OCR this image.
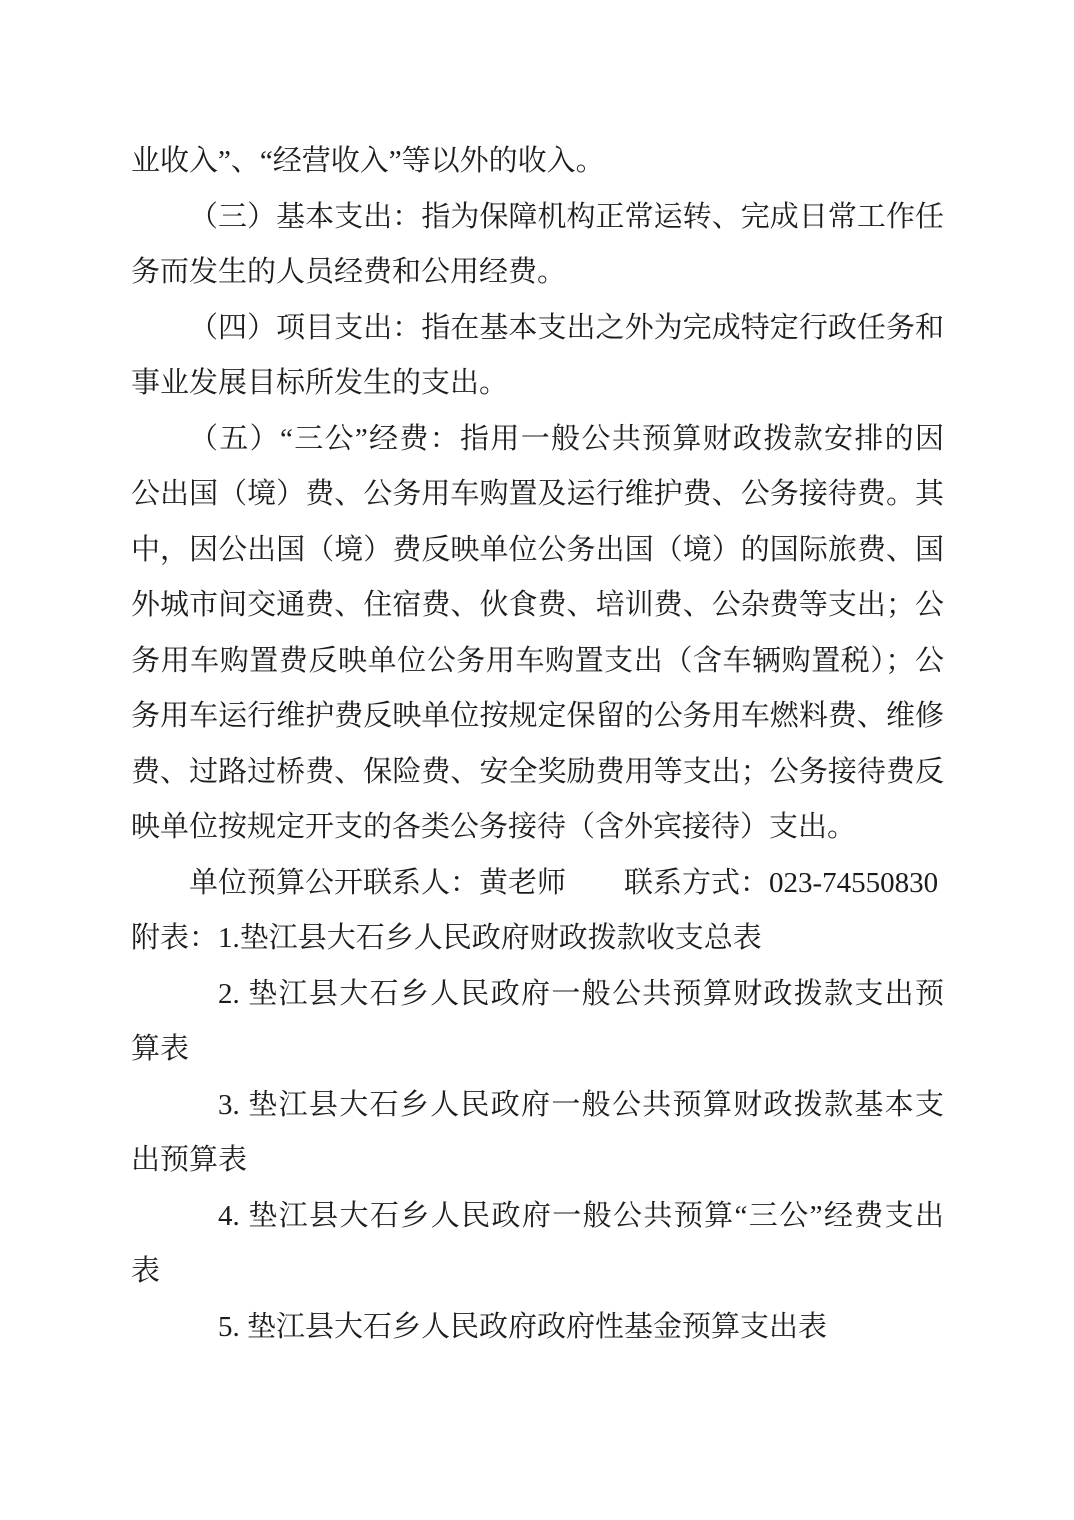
业收入”、“经营收入”等以外的收入。
（三）基本支出：指为保障机构正常运转、完成日常工作任
务而发生的人员经费和公用经费。
（四）项目支出：指在基本支出之外为完成特定行政任务和
事业发展目标所发生的支出。
（五）“三公”经费：指用一般公共预算财政拨款安排的因
公出国（境）费、公务用车购置及运行维护费、公务接待费。其
中，因公出国（境）费反映单位公务出国（境）的国际旅费、国
外城市间交通费、住宿费、伙食费、培训费、公杂费等支出；公
务用车购置费反映单位公务用车购置支出（含车辆购置税）；公
务用车运行维护费反映单位按规定保留的公务用车燃料费、维修
费、过路过桥费、保险费、安全奖励费用等支出；公务接待费反
映单位按规定开支的各类公务接待（含外宾接待）支出。
单位预算公开联系人：黄老师　　联系方式：023-74550830
附表：1.垫江县大石乡人民政府财政拨款收支总表
2. 垫江县大石乡人民政府一般公共预算财政拨款支出预
算表
3. 垫江县大石乡人民政府一般公共预算财政拨款基本支
出预算表
4. 垫江县大石乡人民政府一般公共预算“三公”经费支出
表
5. 垫江县大石乡人民政府政府性基金预算支出表
